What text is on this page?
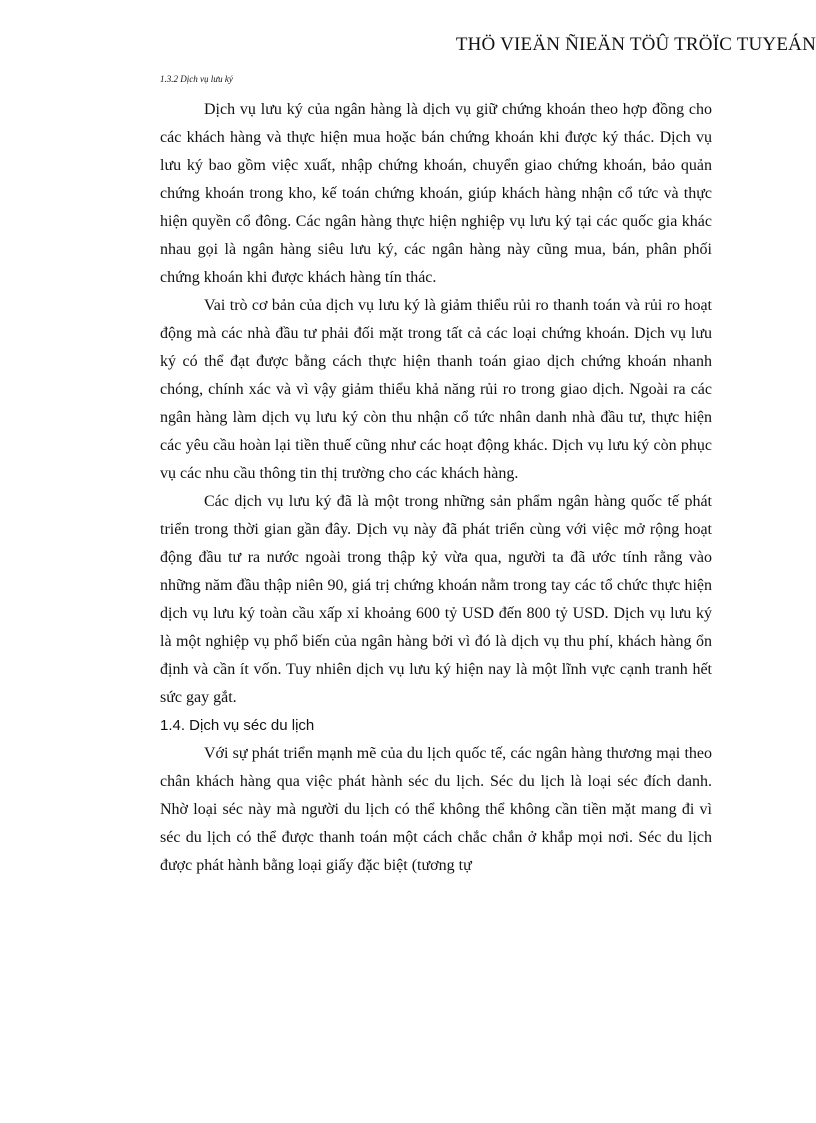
THÖ VIEÄN ÑIEÄN TÖÛ TRÖÏC TUYEÁN
1.3.2 Dịch vụ lưu ký

Dịch vụ lưu ký của ngân hàng là dịch vụ giữ chứng khoán theo hợp đồng cho các khách hàng và thực hiện mua hoặc bán chứng khoán khi được ký thác. Dịch vụ lưu ký bao gồm việc xuất, nhập chứng khoán, chuyển giao chứng khoán, bảo quản chứng khoán trong kho, kế toán chứng khoán, giúp khách hàng nhận cổ tức và thực hiện quyền cổ đông. Các ngân hàng thực hiện nghiệp vụ lưu ký tại các quốc gia khác nhau gọi là ngân hàng siêu lưu ký, các ngân hàng này cũng mua, bán, phân phối chứng khoán khi được khách hàng tín thác.

Vai trò cơ bản của dịch vụ lưu ký là giảm thiểu rủi ro thanh toán và rủi ro hoạt động mà các nhà đầu tư phải đối mặt trong tất cả các loại chứng khoán. Dịch vụ lưu ký có thể đạt được bằng cách thực hiện thanh toán giao dịch chứng khoán nhanh chóng, chính xác và vì vậy giảm thiểu khả năng rủi ro trong giao dịch. Ngoài ra các ngân hàng làm dịch vụ lưu ký còn thu nhận cổ tức nhân danh nhà đầu tư, thực hiện các yêu cầu hoàn lại tiền thuế cũng như các hoạt động khác. Dịch vụ lưu ký còn phục vụ các nhu cầu thông tin thị trường cho các khách hàng.

Các dịch vụ lưu ký đã là một trong những sản phẩm ngân hàng quốc tế phát triển trong thời gian gần đây. Dịch vụ này đã phát triển cùng với việc mở rộng hoạt động đầu tư ra nước ngoài trong thập kỷ vừa qua, người ta đã ước tính rằng vào những năm đầu thập niên 90, giá trị chứng khoán nằm trong tay các tổ chức thực hiện dịch vụ lưu ký toàn cầu xấp xỉ khoảng 600 tỷ USD đến 800 tỷ USD. Dịch vụ lưu ký là một nghiệp vụ phổ biến của ngân hàng bởi vì đó là dịch vụ thu phí, khách hàng ổn định và cần ít vốn. Tuy nhiên dịch vụ lưu ký hiện nay là một lĩnh vực cạnh tranh hết sức gay gắt.

1.4. Dịch vụ séc du lịch

Với sự phát triển mạnh mẽ của du lịch quốc tế, các ngân hàng thương mại theo chân khách hàng qua việc phát hành séc du lịch. Séc du lịch là loại séc đích danh. Nhờ loại séc này mà người du lịch có thể không thể không cần tiền mặt mang đi vì séc du lịch có thể được thanh toán một cách chắc chắn ở khắp mọi nơi. Séc du lịch được phát hành bằng loại giấy đặc biệt (tương tự
